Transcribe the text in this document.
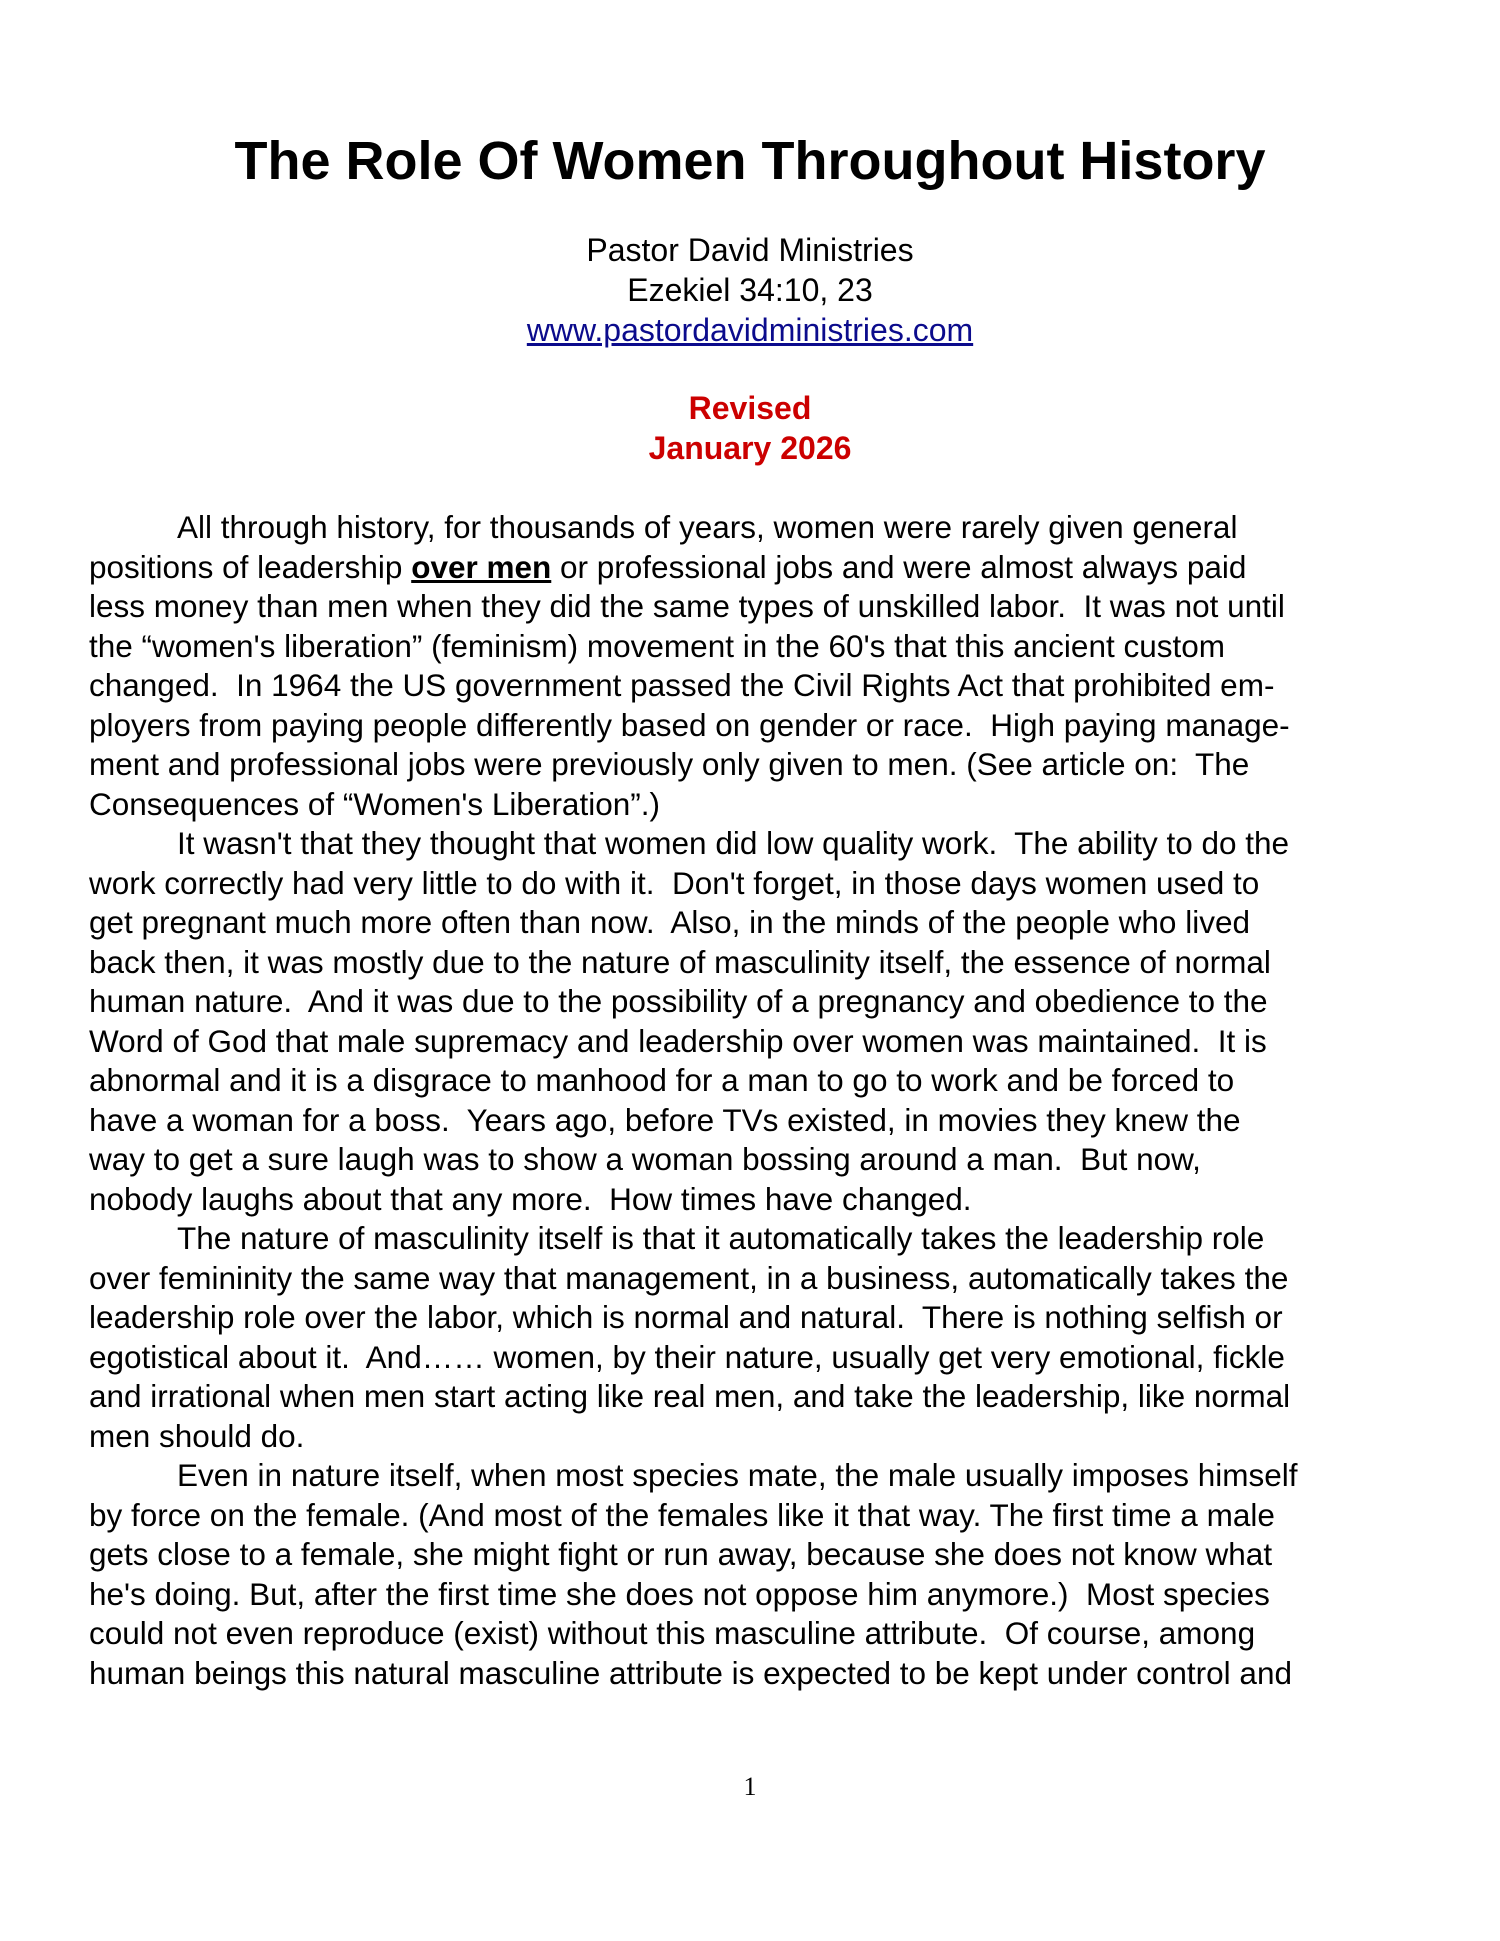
The Role Of Women Throughout History
Pastor David Ministries
Ezekiel 34:10, 23
www.pastordavidministries.com
Revised
January 2026
All through history, for thousands of years, women were rarely given general
positions of leadership over men or professional jobs and were almost always paid
less money than men when they did the same types of unskilled labor.  It was not until
the “women's liberation” (feminism) movement in the 60's that this ancient custom
changed.  In 1964 the US government passed the Civil Rights Act that prohibited em-
ployers from paying people differently based on gender or race.  High paying manage-
ment and professional jobs were previously only given to men. (See article on:  The
Consequences of “Women's Liberation”.)
It wasn't that they thought that women did low quality work.  The ability to do the
work correctly had very little to do with it.  Don't forget, in those days women used to
get pregnant much more often than now.  Also, in the minds of the people who lived
back then, it was mostly due to the nature of masculinity itself, the essence of normal
human nature.  And it was due to the possibility of a pregnancy and obedience to the
Word of God that male supremacy and leadership over women was maintained.  It is
abnormal and it is a disgrace to manhood for a man to go to work and be forced to
have a woman for a boss.  Years ago, before TVs existed, in movies they knew the
way to get a sure laugh was to show a woman bossing around a man.  But now,
nobody laughs about that any more.  How times have changed.
The nature of masculinity itself is that it automatically takes the leadership role
over femininity the same way that management, in a business, automatically takes the
leadership role over the labor, which is normal and natural.  There is nothing selfish or
egotistical about it.  And…… women, by their nature, usually get very emotional, fickle
and irrational when men start acting like real men, and take the leadership, like normal
men should do.
Even in nature itself, when most species mate, the male usually imposes himself
by force on the female. (And most of the females like it that way. The first time a male
gets close to a female, she might fight or run away, because she does not know what
he's doing. But, after the first time she does not oppose him anymore.)  Most species
could not even reproduce (exist) without this masculine attribute.  Of course, among
human beings this natural masculine attribute is expected to be kept under control and
1
